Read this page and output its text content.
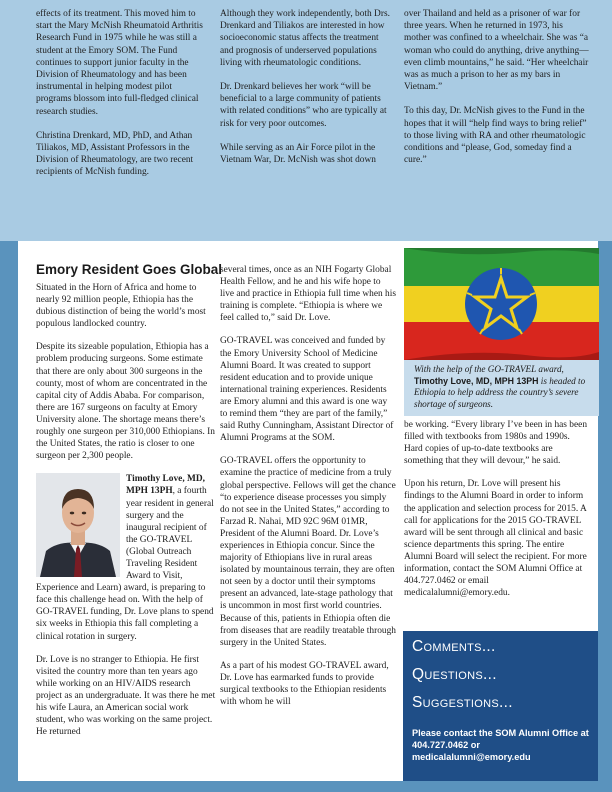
effects of its treatment. This moved him to start the Mary McNish Rheumatoid Arthritis Research Fund in 1975 while he was still a student at the Emory SOM. The Fund continues to support junior faculty in the Division of Rheumatology and has been instrumental in helping modest pilot programs blossom into full-fledged clinical research studies.

Christina Drenkard, MD, PhD, and Athan Tiliakos, MD, Assistant Professors in the Division of Rheumatology, are two recent recipients of McNish funding.

Although they work independently, both Drs. Drenkard and Tiliakos are interested in how socioeconomic status affects the treatment and prognosis of underserved populations living with rheumatologic conditions.

Dr. Drenkard believes her work “will be beneficial to a large community of patients with related conditions” who are typically at risk for very poor outcomes.

While serving as an Air Force pilot in the Vietnam War, Dr. McNish was shot down

over Thailand and held as a prisoner of war for three years. When he returned in 1973, his mother was confined to a wheelchair. She was “a woman who could do anything, drive anything—even climb mountains,” he said. “Her wheelchair was as much a prison to her as my bars in Vietnam.”

To this day, Dr. McNish gives to the Fund in the hopes that it will “help find ways to bring relief” to those living with RA and other rheumatologic conditions and “please, God, someday find a cure.”

Emory Resident Goes Global

Situated in the Horn of Africa and home to nearly 92 million people, Ethiopia has the dubious distinction of being the world’s most populous landlocked country.

Despite its sizeable population, Ethiopia has a problem producing surgeons. Some estimate that there are only about 300 surgeons in the county, most of whom are concentrated in the capital city of Addis Ababa. For comparison, there are 167 surgeons on faculty at Emory University alone. The shortage means there’s roughly one surgeon per 310,000 Ethiopians. In the United States, the ratio is closer to one surgeon per 2,300 people.

Timothy Love, MD, MPH 13PH, a fourth year resident in general surgery and the inaugural recipient of the GO-TRAVEL (Global Outreach Traveling Resident Award to Visit, Experience and Learn) award, is preparing to face this challenge head on. With the help of GO-TRAVEL funding, Dr. Love plans to spend six weeks in Ethiopia this fall completing a clinical rotation in surgery.

Dr. Love is no stranger to Ethiopia. He first visited the country more than ten years ago while working on an HIV/AIDS research project as an undergraduate. It was there he met his wife Laura, an American social work student, who was working on the same project. He returned

several times, once as an NIH Fogarty Global Health Fellow, and he and his wife hope to live and practice in Ethiopia full time when his training is complete. “Ethiopia is where we feel called to,” said Dr. Love.

GO-TRAVEL was conceived and funded by the Emory University School of Medicine Alumni Board. It was created to support resident education and to provide unique international training experiences. Residents are Emory alumni and this award is one way to remind them “they are part of the family,” said Ruthy Cunningham, Assistant Director of Alumni Programs at the SOM.

GO-TRAVEL offers the opportunity to examine the practice of medicine from a truly global perspective. Fellows will get the chance “to experience disease processes you simply do not see in the United States,” according to Farzad R. Nahai, MD 92C 96M 01MR, President of the Alumni Board. Dr. Love’s experiences in Ethiopia concur. Since the majority of Ethiopians live in rural areas isolated by mountainous terrain, they are often not seen by a doctor until their symptoms present an advanced, late-stage pathology that is uncommon in most first world countries. Because of this, patients in Ethiopia often die from diseases that are readily treatable through surgery in the United States.

As a part of his modest GO-TRAVEL award, Dr. Love has earmarked funds to provide surgical textbooks to the Ethiopian residents with whom he will

With the help of the GO-TRAVEL award, Timothy Love, MD, MPH 13PH is headed to Ethiopia to help address the country’s severe shortage of surgeons.

be working. “Every library I’ve been in has been filled with textbooks from 1980s and 1990s. Hard copies of up-to-date textbooks are something that they will devour,” he said.

Upon his return, Dr. Love will present his findings to the Alumni Board in order to inform the application and selection process for 2015. A call for applications for the 2015 GO-TRAVEL award will be sent through all clinical and basic science departments this spring. The entire Alumni Board will select the recipient. For more information, contact the SOM Alumni Office at 404.727.0462 or email medicalalumni@emory.edu.

Comments...
Questions...
Suggestions...
Please contact the SOM Alumni Office at 404.727.0462 or medicalalumni@emory.edu
